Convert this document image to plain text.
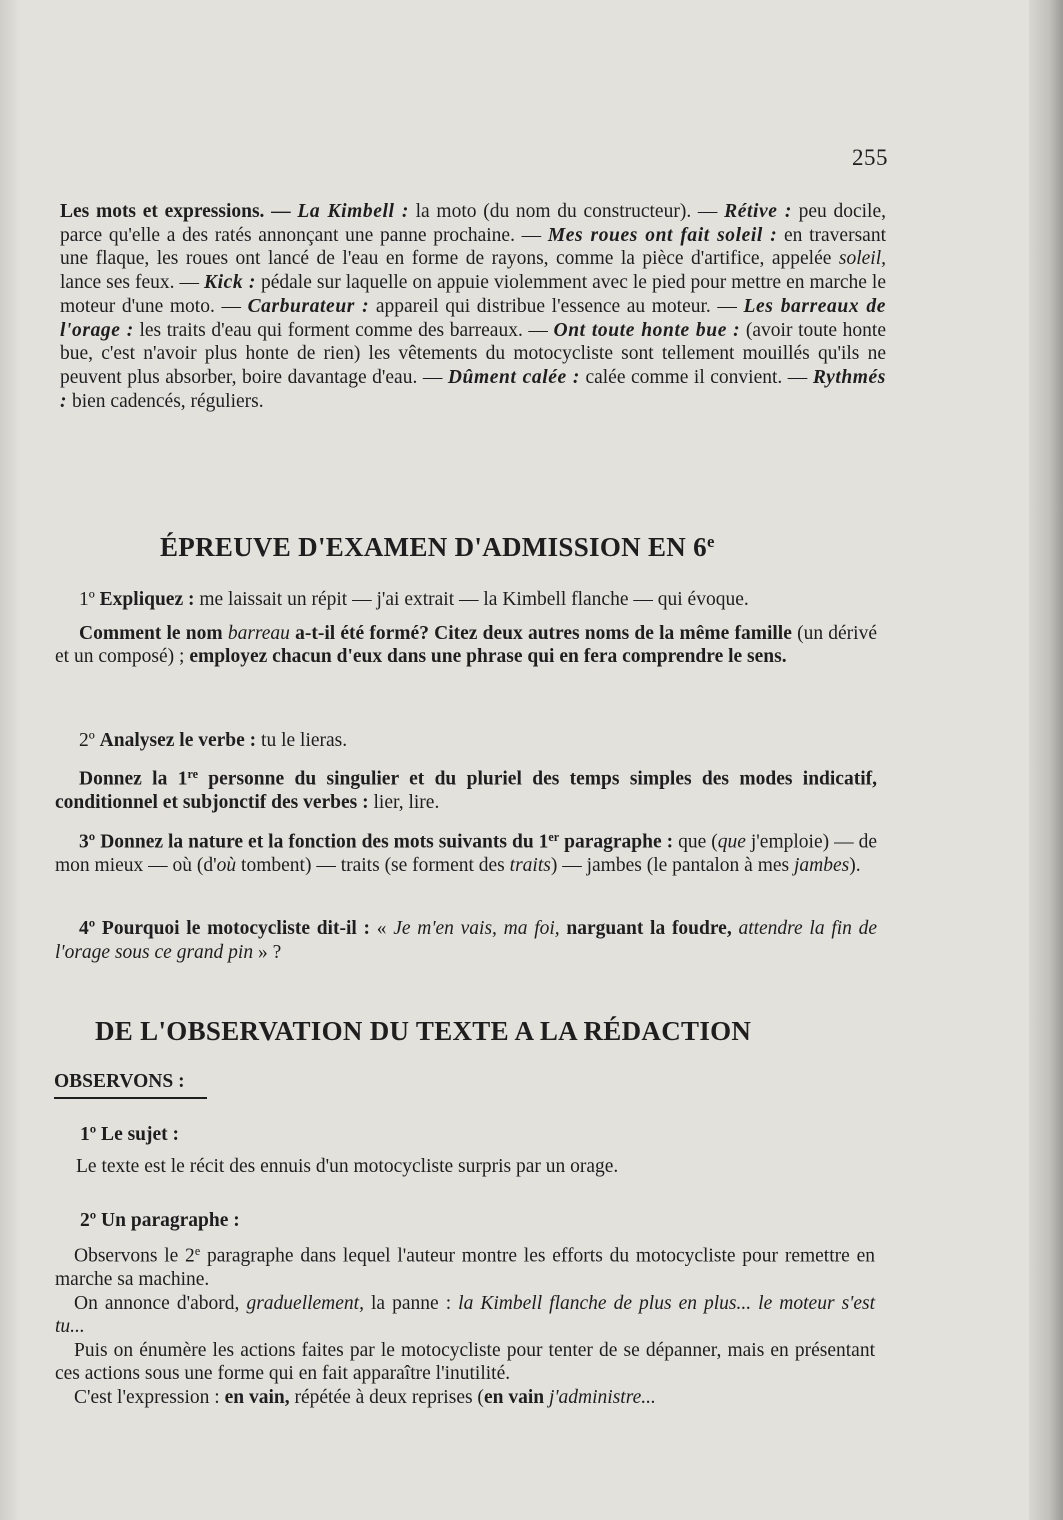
255
Les mots et expressions. — La Kimbell : la moto (du nom du constructeur). — Rétive : peu docile, parce qu'elle a des ratés annonçant une panne prochaine. — Mes roues ont fait soleil : en traversant une flaque, les roues ont lancé de l'eau en forme de rayons, comme la pièce d'artifice, appelée soleil, lance ses feux. — Kick : pédale sur laquelle on appuie violemment avec le pied pour mettre en marche le moteur d'une moto. — Carburateur : appareil qui distribue l'essence au moteur. — Les barreaux de l'orage : les traits d'eau qui forment comme des barreaux. — Ont toute honte bue : (avoir toute honte bue, c'est n'avoir plus honte de rien) les vêtements du motocycliste sont tellement mouillés qu'ils ne peuvent plus absorber, boire davantage d'eau. — Dûment calée : calée comme il convient. — Rythmés : bien cadencés, réguliers.
ÉPREUVE D'EXAMEN D'ADMISSION EN 6e
1º Expliquez : me laissait un répit — j'ai extrait — la Kimbell flanche — qui évoque.
Comment le nom barreau a-t-il été formé? Citez deux autres noms de la même famille (un dérivé et un composé) ; employez chacun d'eux dans une phrase qui en fera comprendre le sens.
2º Analysez le verbe : tu le lieras.
Donnez la 1re personne du singulier et du pluriel des temps simples des modes indicatif, conditionnel et subjonctif des verbes : lier, lire.
3º Donnez la nature et la fonction des mots suivants du 1er paragraphe : que (que j'emploie) — de mon mieux — où (d'où tombent) — traits (se forment des traits) — jambes (le pantalon à mes jambes).
4º Pourquoi le motocycliste dit-il : « Je m'en vais, ma foi, narguant la foudre, attendre la fin de l'orage sous ce grand pin » ?
DE L'OBSERVATION DU TEXTE A LA RÉDACTION
OBSERVONS :
1º Le sujet :
Le texte est le récit des ennuis d'un motocycliste surpris par un orage.
2º Un paragraphe :
Observons le 2e paragraphe dans lequel l'auteur montre les efforts du motocycliste pour remettre en marche sa machine.
On annonce d'abord, graduellement, la panne : la Kimbell flanche de plus en plus... le moteur s'est tu...
Puis on énumère les actions faites par le motocycliste pour tenter de se dépanner, mais en présentant ces actions sous une forme qui en fait apparaître l'inutilité.
C'est l'expression : en vain, répétée à deux reprises (en vain j'administre...
